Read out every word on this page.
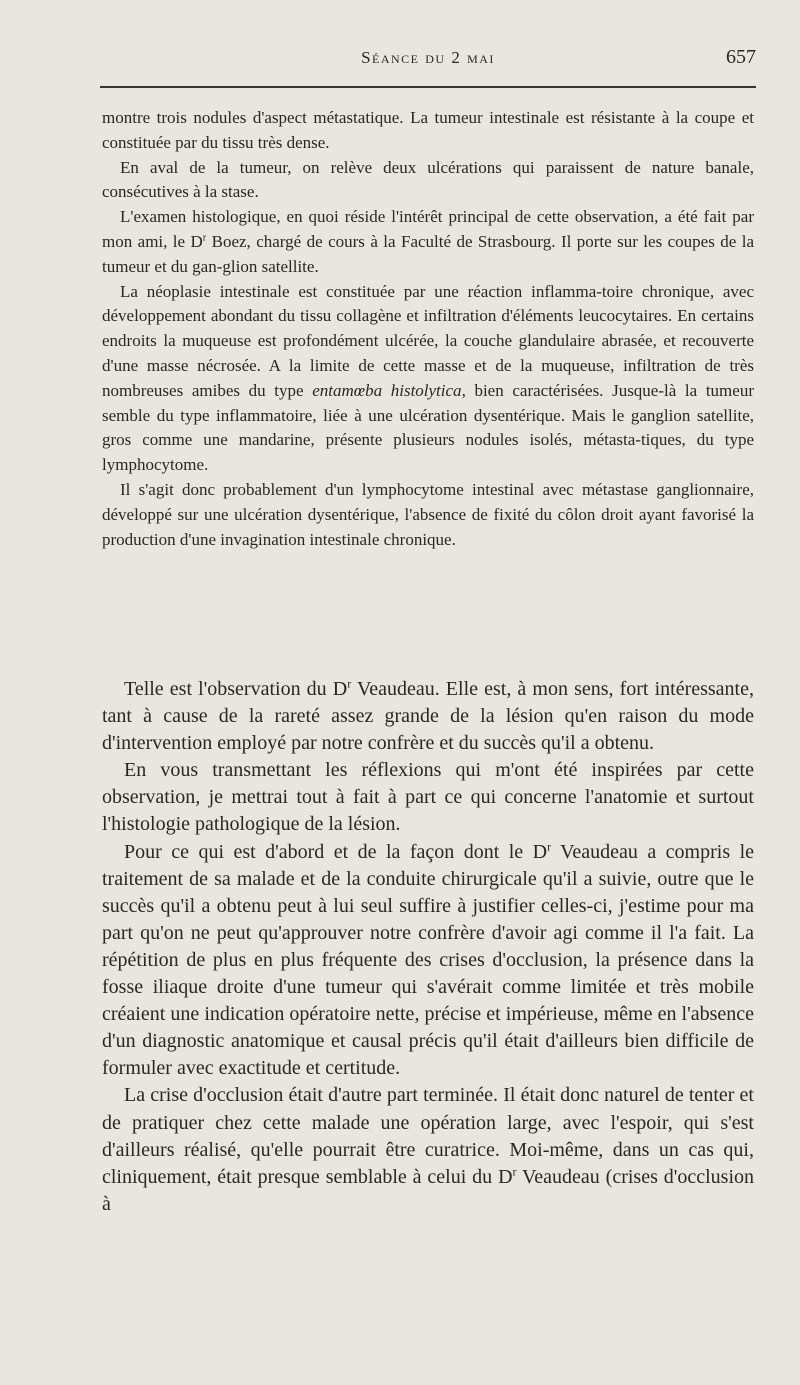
Séance du 2 mai	657

montre trois nodules d'aspect métastatique. La tumeur intestinale est résistante à la coupe et constituée par du tissu très dense.

En aval de la tumeur, on relève deux ulcérations qui paraissent de nature banale, consécutives à la stase.

L'examen histologique, en quoi réside l'intérêt principal de cette observation, a été fait par mon ami, le $D^r$ Boez, chargé de cours à la Faculté de Strasbourg. Il porte sur les coupes de la tumeur et du gan-glion satellite.

La néoplasie intestinale est constituée par une réaction inflamma-toire chronique, avec développement abondant du tissu collagène et infiltration d'éléments leucocytaires. En certains endroits la muqueuse est profondément ulcérée, la couche glandulaire abrasée, et recouverte d'une masse nécrosée. A la limite de cette masse et de la muqueuse, infiltration de très nombreuses amibes du type entamœba histolytica, bien caractérisées. Jusque-là la tumeur semble du type inflammatoire, liée à une ulcération dysentérique. Mais le ganglion satellite, gros comme une mandarine, présente plusieurs nodules isolés, métasta-tiques, du type lymphocytome.

Il s'agit donc probablement d'un lymphocytome intestinal avec métastase ganglionnaire, développé sur une ulcération dysentérique, l'absence de fixité du côlon droit ayant favorisé la production d'une invagination intestinale chronique.

Telle est l'observation du $D^r$ Veaudeau. Elle est, à mon sens, fort intéressante, tant à cause de la rareté assez grande de la lésion qu'en raison du mode d'intervention employé par notre confrère et du succès qu'il a obtenu.

En vous transmettant les réflexions qui m'ont été inspirées par cette observation, je mettrai tout à fait à part ce qui concerne l'anatomie et surtout l'histologie pathologique de la lésion.

Pour ce qui est d'abord et de la façon dont le $D^r$ Veaudeau a compris le traitement de sa malade et de la conduite chirurgicale qu'il a suivie, outre que le succès qu'il a obtenu peut à lui seul suffire à justifier celles-ci, j'estime pour ma part qu'on ne peut qu'approuver notre confrère d'avoir agi comme il l'a fait. La répétition de plus en plus fréquente des crises d'occlusion, la présence dans la fosse iliaque droite d'une tumeur qui s'avérait comme limitée et très mobile créaient une indication opératoire nette, précise et impérieuse, même en l'absence d'un diagnostic anatomique et causal précis qu'il était d'ailleurs bien difficile de formuler avec exactitude et certitude.

La crise d'occlusion était d'autre part terminée. Il était donc naturel de tenter et de pratiquer chez cette malade une opération large, avec l'espoir, qui s'est d'ailleurs réalisé, qu'elle pourrait être curatrice. Moi-même, dans un cas qui, cliniquement, était presque semblable à celui du $D^r$ Veaudeau (crises d'occlusion à
